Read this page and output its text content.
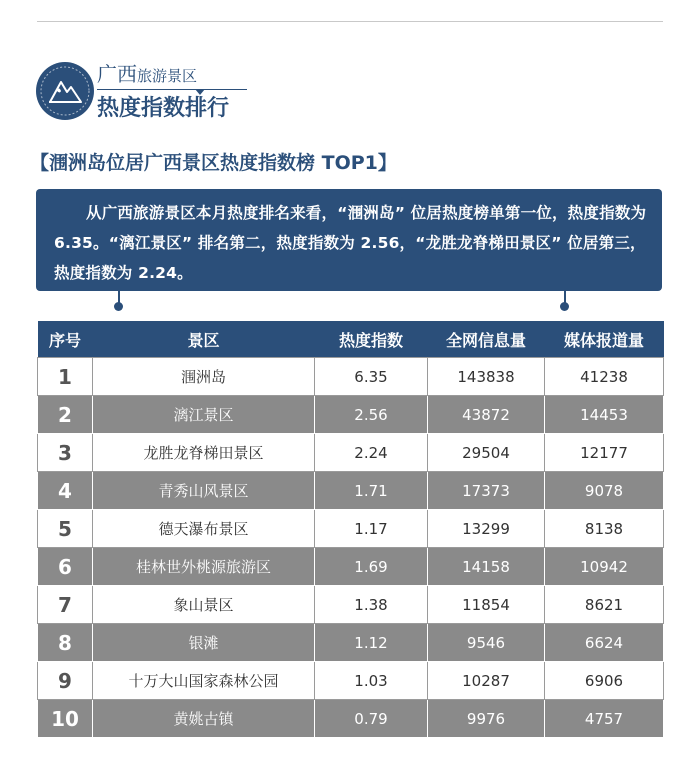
广西旅游景区
热度指数排行
【涠洲岛位居广西景区热度指数榜 TOP1】
从广西旅游景区本月热度排名来看，“涠洲岛” 位居热度榜单第一位，热度指数为 6.35。“漓江景区” 排名第二，热度指数为 2.56，“龙胜龙脊梯田景区” 位居第三， 热度指数为 2.24。
序号	景区	热度指数	全网信息量	媒体报道量
1	涠洲岛	6.35	143838	41238
2	漓江景区	2.56	43872	14453
3	龙胜龙脊梯田景区	2.24	29504	12177
4	青秀山风景区	1.71	17373	9078
5	德天瀑布景区	1.17	13299	8138
6	桂林世外桃源旅游区	1.69	14158	10942
7	象山景区	1.38	11854	8621
8	银滩	1.12	9546	6624
9	十万大山国家森林公园	1.03	10287	6906
10	黄姚古镇	0.79	9976	4757
